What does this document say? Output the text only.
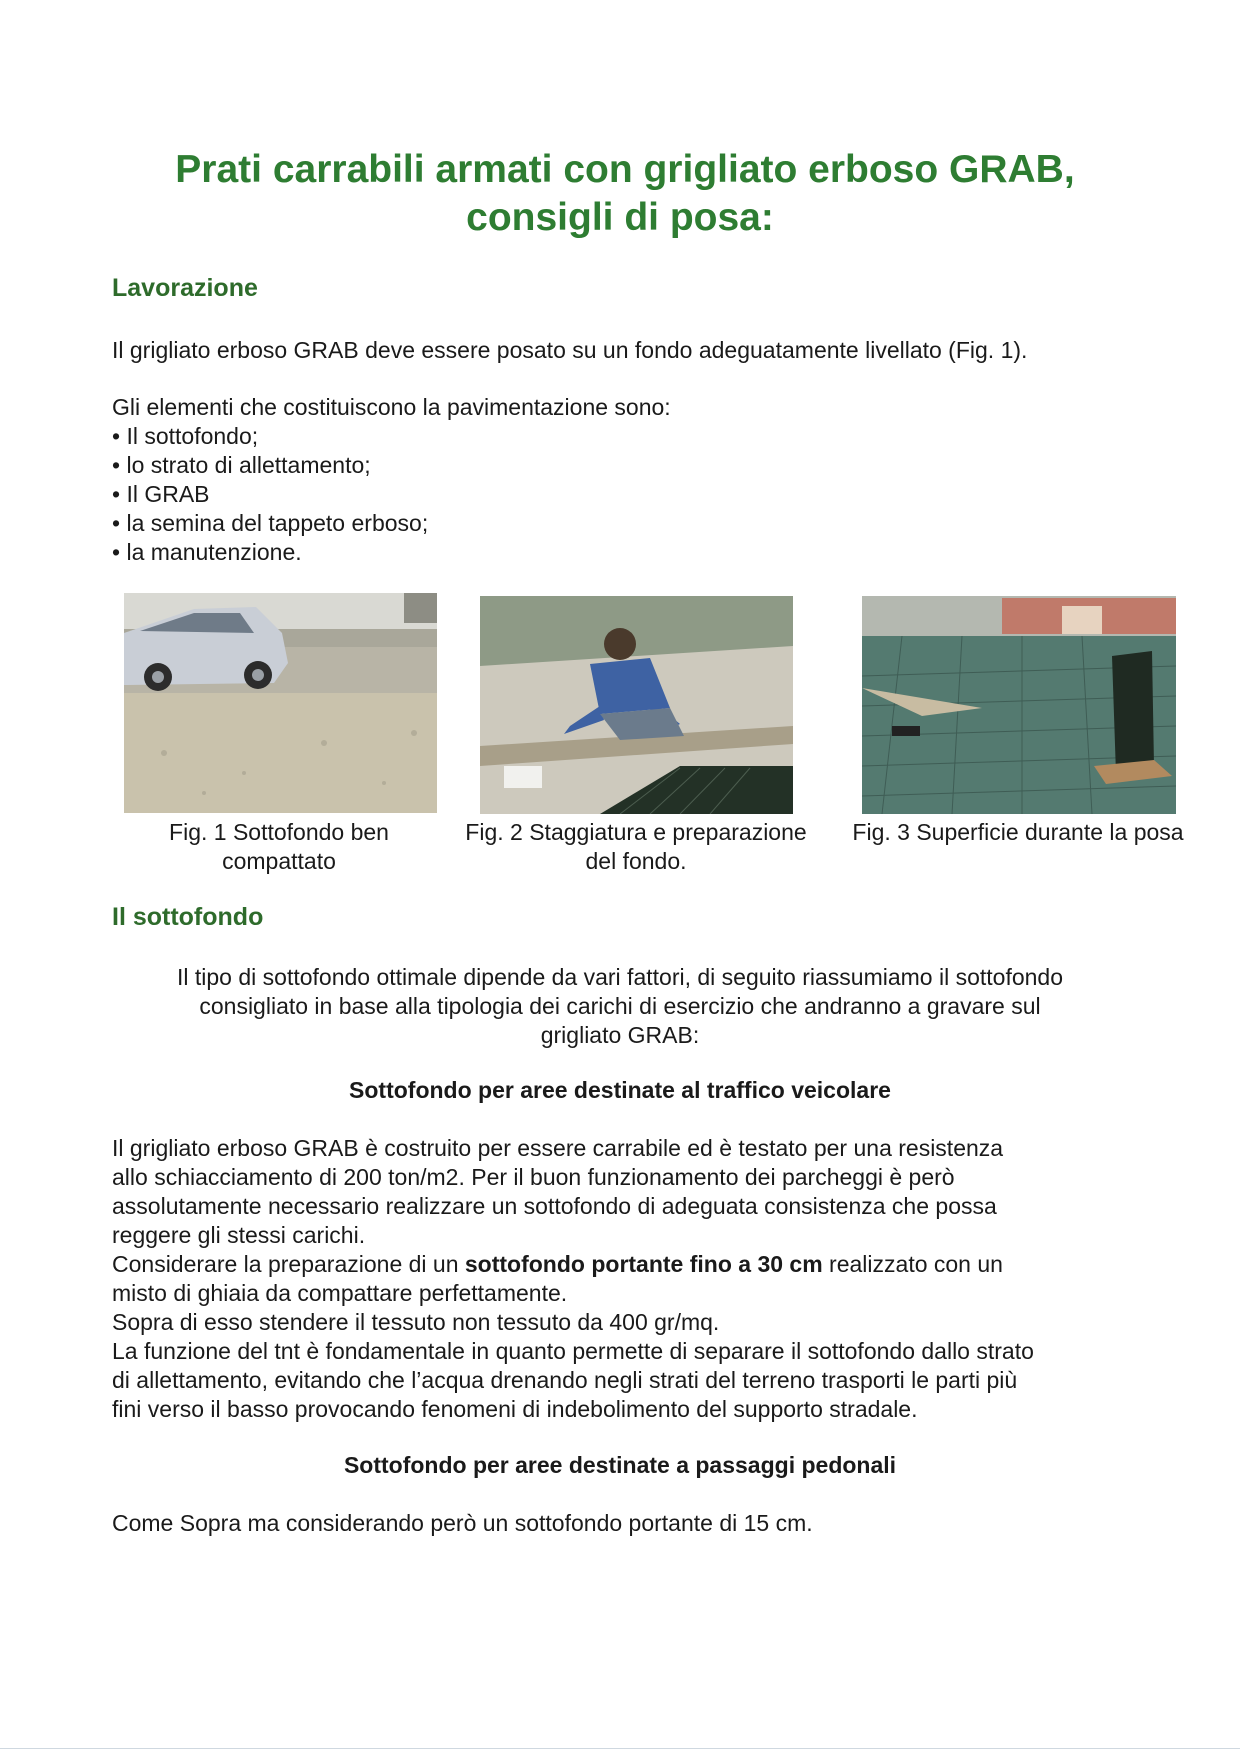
Prati carrabili armati con grigliato erboso GRAB,
consigli di posa:
Lavorazione
Il grigliato erboso GRAB deve essere posato su un fondo adeguatamente livellato (Fig. 1).
Gli elementi che costituiscono la pavimentazione sono:
• Il sottofondo;
• lo strato di allettamento;
• Il GRAB
• la semina del tappeto erboso;
• la manutenzione.
Fig. 1 Sottofondo ben
compattato
Fig. 2 Staggiatura e preparazione
del fondo.
Fig. 3 Superficie durante la posa
Il sottofondo
Il tipo di sottofondo ottimale dipende da vari fattori, di seguito riassumiamo il sottofondo
consigliato in base alla tipologia dei carichi di esercizio che andranno a gravare sul
grigliato GRAB:
Sottofondo per aree destinate al traffico veicolare
Il grigliato erboso GRAB è costruito per essere carrabile ed è testato per una resistenza
allo schiacciamento di 200 ton/m2. Per il buon funzionamento dei parcheggi è però
assolutamente necessario realizzare un sottofondo di adeguata consistenza che possa
reggere gli stessi carichi.
Considerare la preparazione di un sottofondo portante fino a 30 cm realizzato con un
misto di ghiaia da compattare perfettamente.
Sopra di esso stendere il tessuto non tessuto da 400 gr/mq.
La funzione del tnt è fondamentale in quanto permette di separare il sottofondo dallo strato
di allettamento, evitando che l’acqua drenando negli strati del terreno trasporti le parti più
fini verso il basso provocando fenomeni di indebolimento del supporto stradale.
Sottofondo per aree destinate a passaggi pedonali
Come Sopra ma considerando però un sottofondo portante di 15 cm.
